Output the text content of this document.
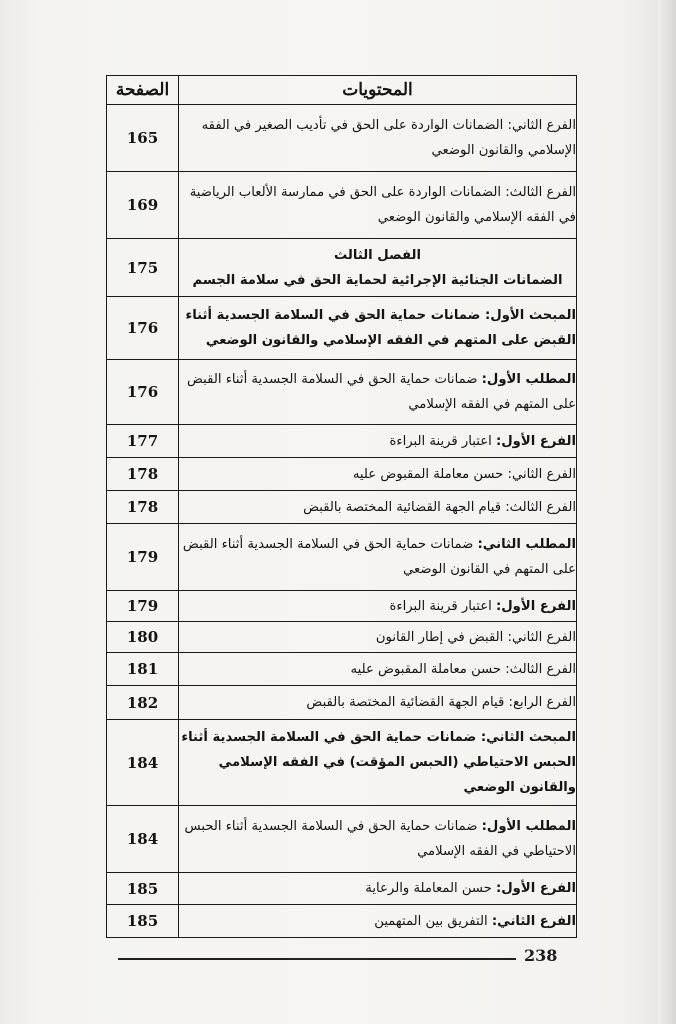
المحتويات	الصفحة
الفرع الثاني: الضمانات الواردة على الحق في تأديب الصغير في الفقه الإسلامي والقانون الوضعي	165
الفرع الثالث: الضمانات الواردة على الحق في ممارسة الألعاب الرياضية في الفقه الإسلامي والقانون الوضعي	169

الفصل الثالث
الضمانات الجنائية الإجرائية لحماية الحق في سلامة الجسم	175
المبحث الأول: ضمانات حماية الحق في السلامة الجسدية أثناء القبض على المتهم في الفقه الإسلامي والقانون الوضعي	176
المطلب الأول: ضمانات حماية الحق في السلامة الجسدية أثناء القبض على المتهم في الفقه الإسلامي	176
الفرع الأول: اعتبار قرينة البراءة	177
الفرع الثاني: حسن معاملة المقبوض عليه	178
الفرع الثالث: قيام الجهة القضائية المختصة بالقبض	178
المطلب الثاني: ضمانات حماية الحق في السلامة الجسدية أثناء القبض على المتهم في القانون الوضعي	179
الفرع الأول: اعتبار قرينة البراءة	179
الفرع الثاني: القبض في إطار القانون	180
الفرع الثالث: حسن معاملة المقبوض عليه	181
الفرع الرابع: قيام الجهة القضائية المختصة بالقبض	182
المبحث الثاني: ضمانات حماية الحق في السلامة الجسدية أثناء الحبس الاحتياطي (الحبس المؤقت) في الفقه الإسلامي والقانون الوضعي	184
المطلب الأول: ضمانات حماية الحق في السلامة الجسدية أثناء الحبس الاحتياطي في الفقه الإسلامي	184
الفرع الأول: حسن المعاملة والرعاية	185
الفرع الثاني: التفريق بين المتهمين	185
238
